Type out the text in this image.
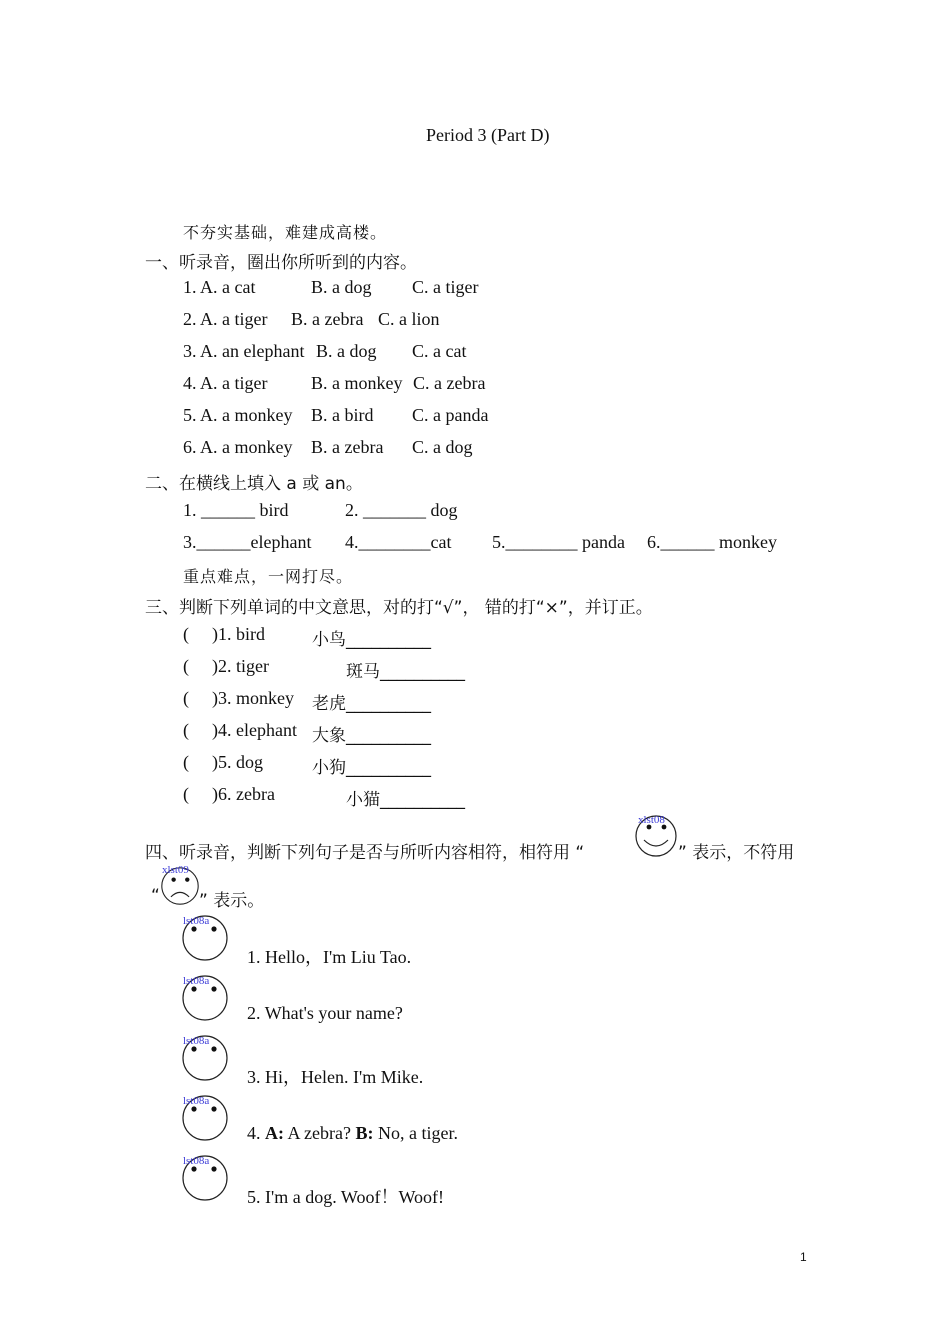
Period 3 (Part D)
不夯实基础，难建成高楼。
一、听录音，圈出你所听到的内容。
1. A. a cat	B. a dog C. a tiger
2. A. a tiger B. a zebra C. a lion
3. A. an elephant B. a dog C. a cat
4. A. a tiger B. a monkey C. a zebra
5. A. a monkey B. a bird C. a panda
6. A. a monkey B. a zebra C. a dog
二、在横线上填入 a 或 an。
1. ______ bird	2. _______ dog
3.______elephant 4.________cat 5.________ panda 6.______ monkey
重点难点，一网打尽。
三、判断下列单词的中文意思，对的打“√”， 错的打“×”，并订正。
( )1. bird	小鸟__________
( )2. tiger	斑马__________
( )3. monkey 老虎__________
( )4. elephant 大象__________
( )5. dog	小狗__________
( )6. zebra	小猫__________
四、听录音，判断下列句子是否与所听内容相符，相符用 “
xlst08
” 表示，不符用
“
xlst09
” 表示。
lst08a
1. Hello，I'm Liu Tao.
lst08a
2. What's your name?
lst08a
3. Hi，Helen. I'm Mike.
lst08a
4. A: A zebra? B: No, a tiger.
lst08a
5. I'm a dog. Woof！Woof!
1
